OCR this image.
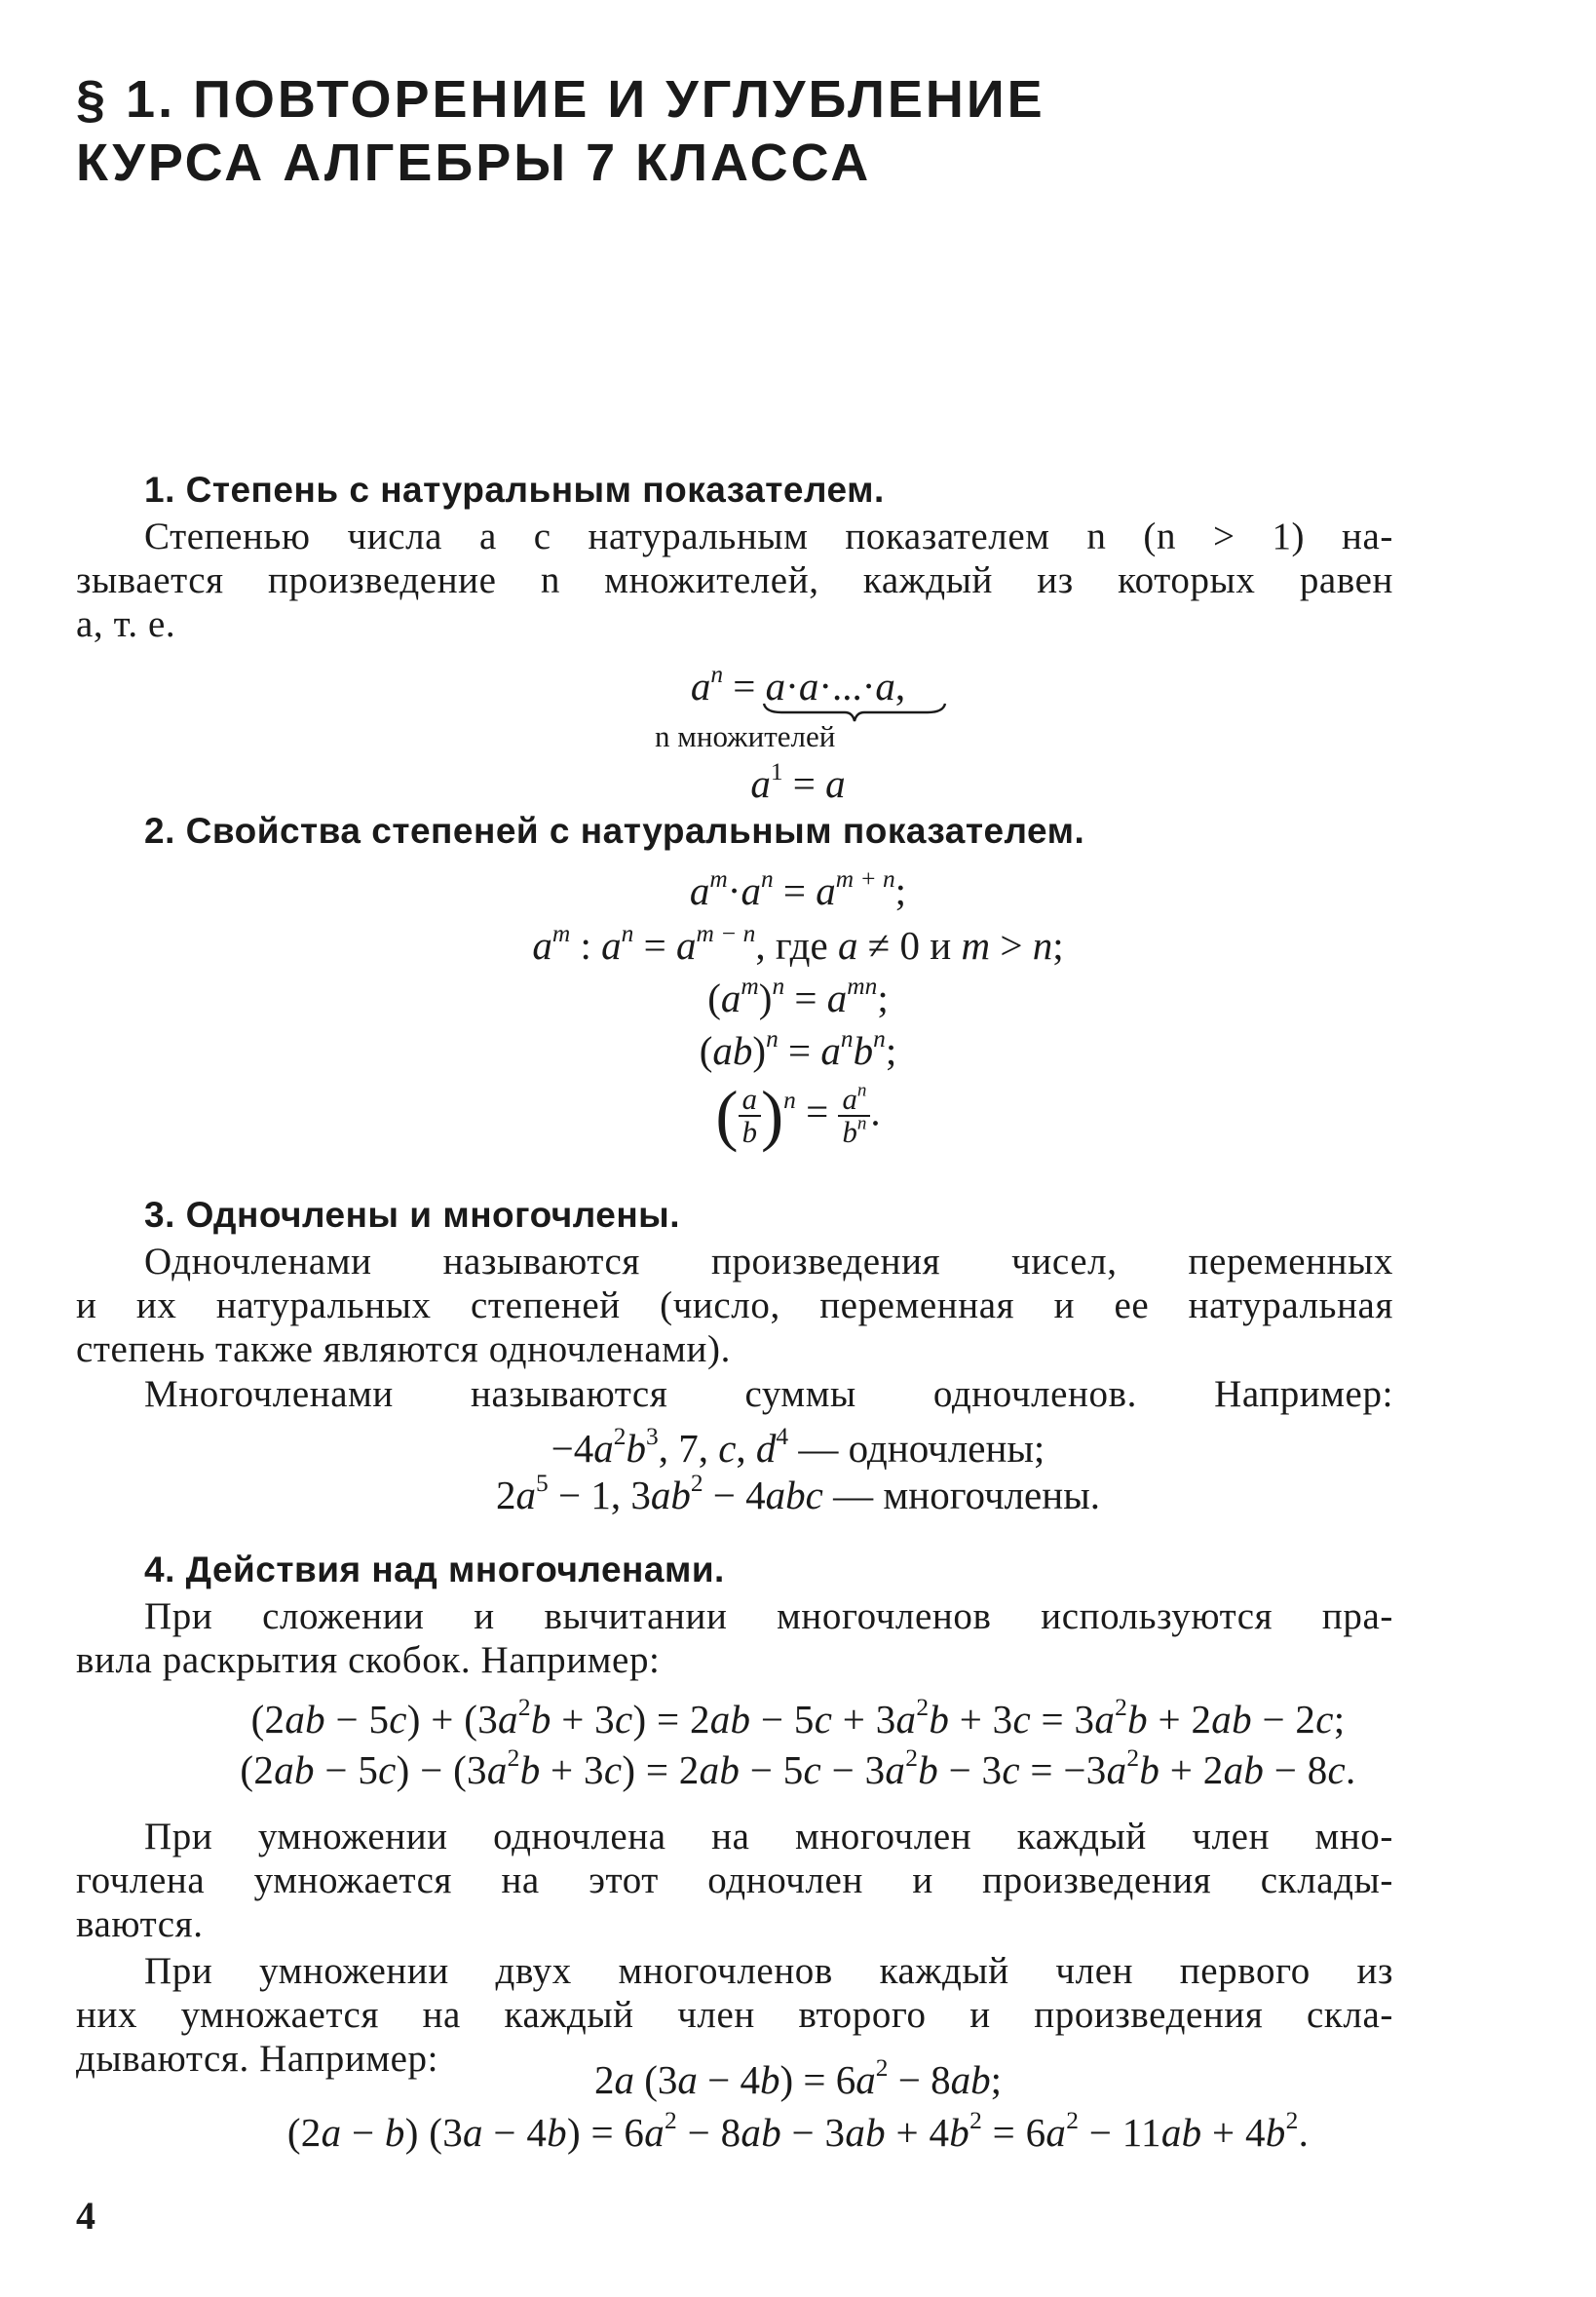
§ 1. ПОВТОРЕНИЕ И УГЛУБЛЕНИЕ
КУРСА АЛГЕБРЫ 7 КЛАССА
1. Степень с натуральным показателем.
Степенью числа a с натуральным показателем n (n > 1) на-
зывается произведение n множителей, каждый из которых равен
a, т. е.
$a^n = a\cdot a\cdot...\cdot a$,
n множителей
$a^1 = a$
2. Свойства степеней с натуральным показателем.
$a^m\cdot a^n = a^{m + n}$;
$a^m$ : $a^n = a^{m - n}$, где a ≠ 0 и m > n;
$(a^m)^n = a^{mn}$;
$(ab)^n = a^nb^n$;
( $\frac{a}{b} )^n = \frac{a^n}{b^n}$ .
3. Одночлены и многочлены.
Одночленами называются произведения чисел, переменных
и их натуральных степеней (число, переменная и ее натуральная
степень также являются одночленами).
Многочленами называются суммы одночленов. Например:
$-4a^2b^3$, 7, c, $d^4$ — одночлены;
$2a^5 - 1$, $3ab^2 - 4abc$ — многочлены.
4. Действия над многочленами.
При сложении и вычитании многочленов используются пра-
вила раскрытия скобок. Например:
$(2ab - 5c) + (3a^2b + 3c) = 2ab - 5c + 3a^2b + 3c = 3a^2b + 2ab - 2c$;
$(2ab - 5c) - (3a^2b + 3c) = 2ab - 5c - 3a^2b - 3c = -3a^2b + 2ab - 8c$.
При умножении одночлена на многочлен каждый член мно-
гочлена умножается на этот одночлен и произведения склады-
ваются.
При умножении двух многочленов каждый член первого из
них умножается на каждый член второго и произведения скла-
дываются. Например:	2a $(3a - 4b) = 6a^2 - 8ab$;
(2a − b) $(3a - 4b) = 6a^2 - 8ab - 3ab + 4b^2 = 6a^2 - 11ab + 4b^2$.

4
